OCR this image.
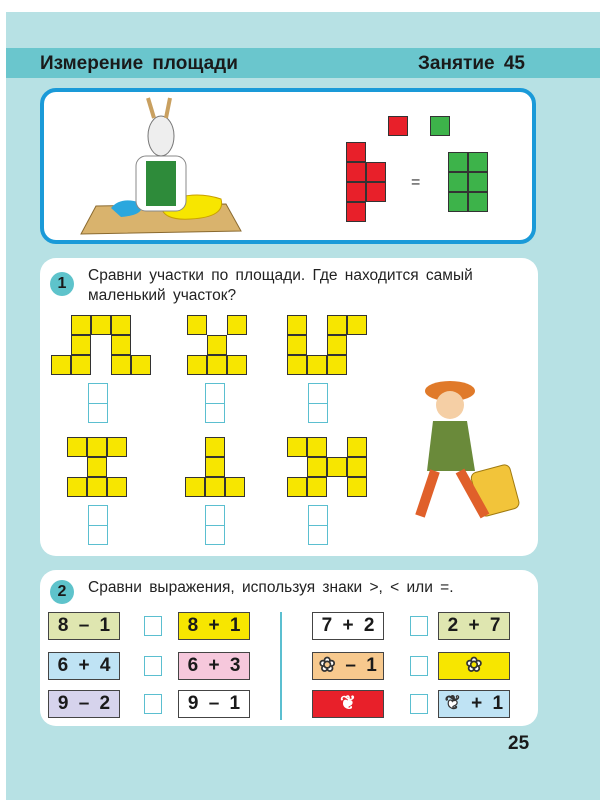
Измерение площади	Занятие 45
=
1	Сравни участки по площади. Где находится самый маленький участок?
2	Сравни выражения, используя знаки >, < или =.
8 – 1	8 + 1
6 + 4	6 + 3
9 – 2	9 – 1
7 + 2	2 + 7
✿ – 1	✿
❦	❦ + 1
25
